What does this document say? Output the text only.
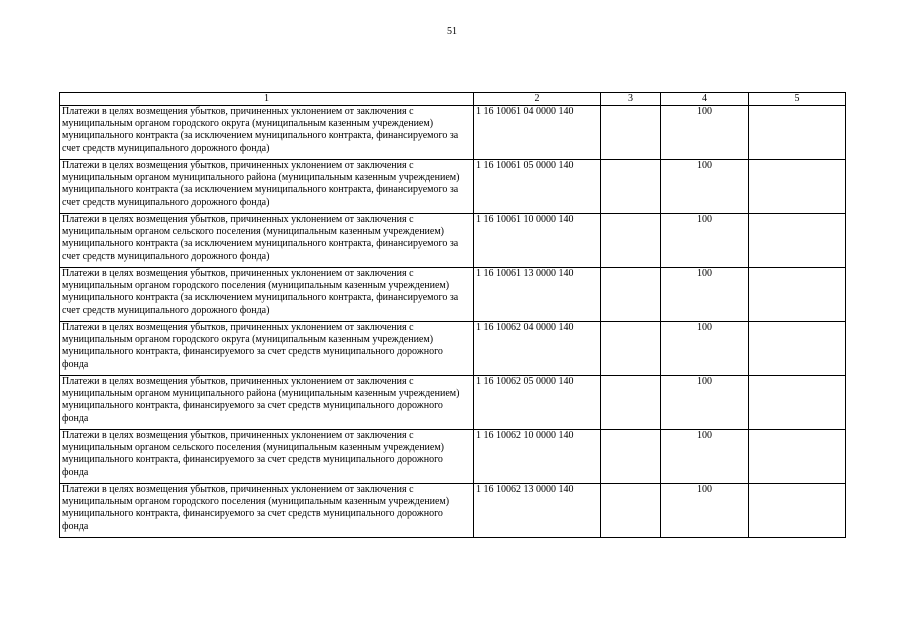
51
1	2	3	4	5
Платежи в целях возмещения убытков, причиненных уклонением от заключения с муниципальным органом городского округа (муниципальным казенным учреждением) муниципального контракта (за исключением муниципального контракта, финансируемого за счет средств муниципального дорожного фонда)	1 16 10061 04 0000 140		100	
Платежи в целях возмещения убытков, причиненных уклонением от заключения с муниципальным органом муниципального района (муниципальным казенным учреждением) муниципального контракта (за исключением муниципального контракта, финансируемого за счет средств муниципального дорожного фонда)	1 16 10061 05 0000 140		100	
Платежи в целях возмещения убытков, причиненных уклонением от заключения с муниципальным органом сельского поселения (муниципальным казенным учреждением) муниципального контракта (за исключением муниципального контракта, финансируемого за счет средств муниципального дорожного фонда)	1 16 10061 10 0000 140		100	
Платежи в целях возмещения убытков, причиненных уклонением от заключения с муниципальным органом городского поселения (муниципальным казенным учреждением) муниципального контракта (за исключением муниципального контракта, финансируемого за счет средств муниципального дорожного фонда)	1 16 10061 13 0000 140		100	
Платежи в целях возмещения убытков, причиненных уклонением от заключения с муниципальным органом городского округа (муниципальным казенным учреждением) муниципального контракта, финансируемого за счет средств муниципального дорожного фонда	1 16 10062 04 0000 140		100	
Платежи в целях возмещения убытков, причиненных уклонением от заключения с муниципальным органом муниципального района (муниципальным казенным учреждением) муниципального контракта, финансируемого за счет средств муниципального дорожного фонда	1 16 10062 05 0000 140		100	
Платежи в целях возмещения убытков, причиненных уклонением от заключения с муниципальным органом сельского поселения (муниципальным казенным учреждением) муниципального контракта, финансируемого за счет средств муниципального дорожного фонда	1 16 10062 10 0000 140		100	
Платежи в целях возмещения убытков, причиненных уклонением от заключения с муниципальным органом городского поселения (муниципальным казенным учреждением) муниципального контракта, финансируемого за счет средств муниципального дорожного фонда	1 16 10062 13 0000 140		100	
